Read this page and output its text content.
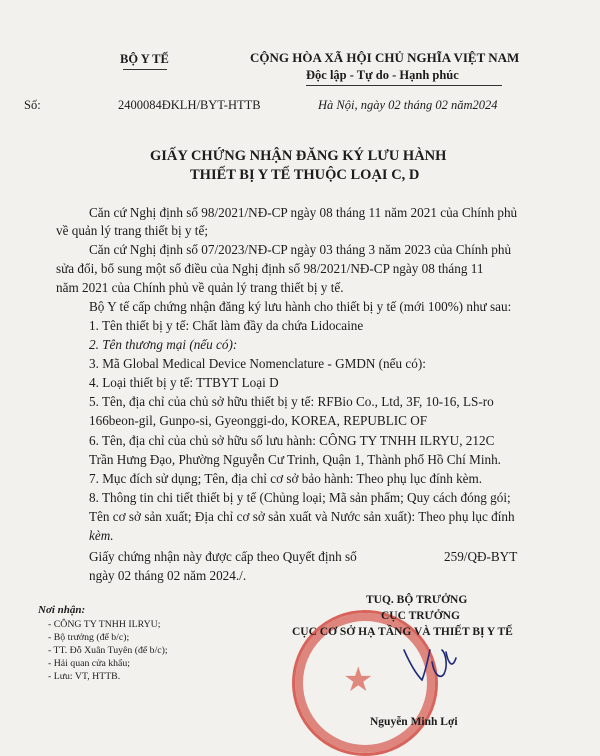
BỘ Y TẾ	CỘNG HÒA XÃ HỘI CHỦ NGHĨA VIỆT NAM
Độc lập - Tự do - Hạnh phúc
Số:	2400084ĐKLH/BYT-HTTB	Hà Nội, ngày 02 tháng 02 năm2024
GIẤY CHỨNG NHẬN ĐĂNG KÝ LƯU HÀNH
THIẾT BỊ Y TẾ THUỘC LOẠI C, D
Căn cứ Nghị định số 98/2021/NĐ-CP ngày 08 tháng 11 năm 2021 của Chính phủ
về quản lý trang thiết bị y tế;
Căn cứ Nghị định số 07/2023/NĐ-CP ngày 03 tháng 3 năm 2023 của Chính phủ
sửa đổi, bổ sung một số điều của Nghị định số 98/2021/NĐ-CP ngày 08 tháng 11
năm 2021 của Chính phủ về quản lý trang thiết bị y tế.
Bộ Y tế cấp chứng nhận đăng ký lưu hành cho thiết bị y tế (mới 100%) như sau:
1. Tên thiết bị y tế: Chất làm đầy da chứa Lidocaine
2. Tên thương mại (nếu có):
3. Mã Global Medical Device Nomenclature - GMDN (nếu có):
4. Loại thiết bị y tế: TTBYT Loại D
5. Tên, địa chỉ của chủ sở hữu thiết bị y tế: RFBio Co., Ltd, 3F, 10-16, LS-ro
166beon-gil, Gunpo-si, Gyeonggi-do, KOREA, REPUBLIC OF
6. Tên, địa chỉ của chủ sở hữu số lưu hành: CÔNG TY TNHH ILRYU, 212C
Trần Hưng Đạo, Phường Nguyễn Cư Trinh, Quận 1, Thành phố Hồ Chí Minh.
7. Mục đích sử dụng; Tên, địa chỉ cơ sở bảo hành: Theo phụ lục đính kèm.
8. Thông tin chi tiết thiết bị y tế (Chủng loại; Mã sản phẩm; Quy cách đóng gói;
Tên cơ sở sản xuất; Địa chỉ cơ sở sản xuất và Nước sản xuất): Theo phụ lục đính
kèm.
Giấy chứng nhận này được cấp theo Quyết định số	259/QĐ-BYT
ngày 02 tháng 02 năm 2024./.
Nơi nhận:
- CÔNG TY TNHH ILRYU;
- Bộ trưởng (để b/c);
- TT. Đỗ Xuân Tuyên (để b/c);
- Hải quan cửa khẩu;
- Lưu: VT, HTTB.	★
TUQ. BỘ TRƯỞNG
CỤC TRƯỞNG
CỤC CƠ SỞ HẠ TẦNG VÀ THIẾT BỊ Y TẾ
Nguyễn Minh Lợi
